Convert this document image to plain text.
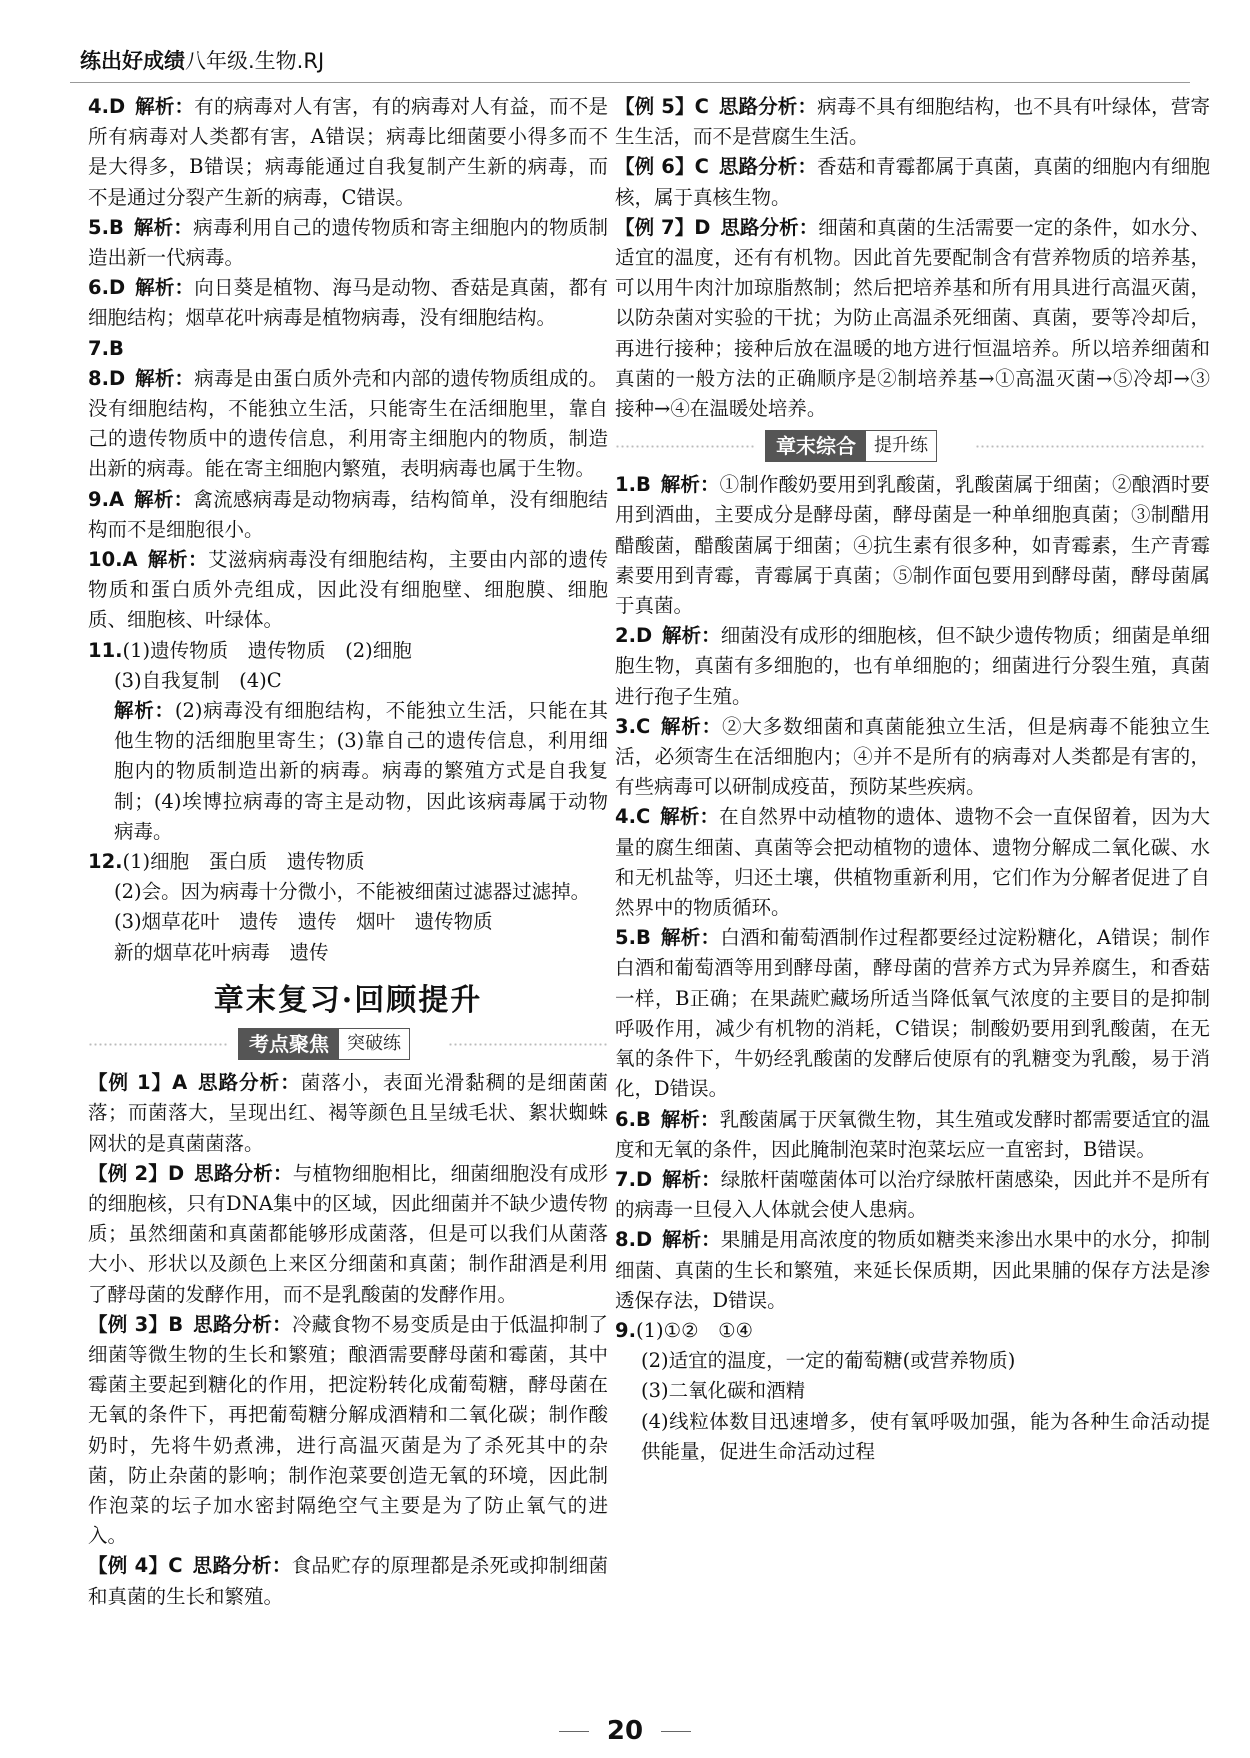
练出好成绩八年级.生物.RJ
4.D  解析：有的病毒对人有害，有的病毒对人有益，而不是所有病毒对人类都有害，A错误；病毒比细菌要小得多而不是大得多，B错误；病毒能通过自我复制产生新的病毒，而不是通过分裂产生新的病毒，C错误。
5.B  解析：病毒利用自己的遗传物质和寄主细胞内的物质制造出新一代病毒。
6.D  解析：向日葵是植物、海马是动物、香菇是真菌，都有细胞结构；烟草花叶病毒是植物病毒，没有细胞结构。
7.B 
8.D  解析：病毒是由蛋白质外壳和内部的遗传物质组成的。没有细胞结构，不能独立生活，只能寄生在活细胞里，靠自己的遗传物质中的遗传信息，利用寄主细胞内的物质，制造出新的病毒。能在寄主细胞内繁殖，表明病毒也属于生物。
9.A  解析：禽流感病毒是动物病毒，结构简单，没有细胞结构而不是细胞很小。
10.A  解析：艾滋病病毒没有细胞结构，主要由内部的遗传物质和蛋白质外壳组成，因此没有细胞壁、细胞膜、细胞质、细胞核、叶绿体。
11.(1)遗传物质　遗传物质　(2)细胞
(3)自我复制　(4)C
解析：(2)病毒没有细胞结构，不能独立生活，只能在其他生物的活细胞里寄生；(3)靠自己的遗传信息，利用细胞内的物质制造出新的病毒。病毒的繁殖方式是自我复制；(4)埃博拉病毒的寄主是动物，因此该病毒属于动物病毒。
12.(1)细胞　蛋白质　遗传物质
(2)会。因为病毒十分微小，不能被细菌过滤器过滤掉。
(3)烟草花叶　遗传　遗传　烟叶　遗传物质
新的烟草花叶病毒　遗传
章末复习·回顾提升
考点聚焦	突破练
【例 1】A  思路分析：菌落小，表面光滑黏稠的是细菌菌落；而菌落大，呈现出红、褐等颜色且呈绒毛状、絮状蜘蛛网状的是真菌菌落。
【例 2】D  思路分析：与植物细胞相比，细菌细胞没有成形的细胞核，只有DNA集中的区域，因此细菌并不缺少遗传物质；虽然细菌和真菌都能够形成菌落，但是可以我们从菌落大小、形状以及颜色上来区分细菌和真菌；制作甜酒是利用了酵母菌的发酵作用，而不是乳酸菌的发酵作用。
【例 3】B  思路分析：冷藏食物不易变质是由于低温抑制了细菌等微生物的生长和繁殖；酿酒需要酵母菌和霉菌，其中霉菌主要起到糖化的作用，把淀粉转化成葡萄糖，酵母菌在无氧的条件下，再把葡萄糖分解成酒精和二氧化碳；制作酸奶时，先将牛奶煮沸，进行高温灭菌是为了杀死其中的杂菌，防止杂菌的影响；制作泡菜要创造无氧的环境，因此制作泡菜的坛子加水密封隔绝空气主要是为了防止氧气的进入。
【例 4】C  思路分析：食品贮存的原理都是杀死或抑制细菌和真菌的生长和繁殖。
【例 5】C  思路分析：病毒不具有细胞结构，也不具有叶绿体，营寄生生活，而不是营腐生生活。
【例 6】C  思路分析：香菇和青霉都属于真菌，真菌的细胞内有细胞核，属于真核生物。
【例 7】D  思路分析：细菌和真菌的生活需要一定的条件，如水分、适宜的温度，还有有机物。因此首先要配制含有营养物质的培养基，可以用牛肉汁加琼脂熬制；然后把培养基和所有用具进行高温灭菌，以防杂菌对实验的干扰；为防止高温杀死细菌、真菌，要等冷却后，再进行接种；接种后放在温暖的地方进行恒温培养。所以培养细菌和真菌的一般方法的正确顺序是②制培养基→①高温灭菌→⑤冷却→③接种→④在温暖处培养。
章末综合	提升练
1.B  解析：①制作酸奶要用到乳酸菌，乳酸菌属于细菌；②酿酒时要用到酒曲，主要成分是酵母菌，酵母菌是一种单细胞真菌；③制醋用醋酸菌，醋酸菌属于细菌；④抗生素有很多种，如青霉素，生产青霉素要用到青霉，青霉属于真菌；⑤制作面包要用到酵母菌，酵母菌属于真菌。
2.D  解析：细菌没有成形的细胞核，但不缺少遗传物质；细菌是单细胞生物，真菌有多细胞的，也有单细胞的；细菌进行分裂生殖，真菌进行孢子生殖。
3.C  解析：②大多数细菌和真菌能独立生活，但是病毒不能独立生活，必须寄生在活细胞内；④并不是所有的病毒对人类都是有害的，有些病毒可以研制成疫苗，预防某些疾病。
4.C  解析：在自然界中动植物的遗体、遗物不会一直保留着，因为大量的腐生细菌、真菌等会把动植物的遗体、遗物分解成二氧化碳、水和无机盐等，归还土壤，供植物重新利用，它们作为分解者促进了自然界中的物质循环。
5.B  解析：白酒和葡萄酒制作过程都要经过淀粉糖化，A错误；制作白酒和葡萄酒等用到酵母菌，酵母菌的营养方式为异养腐生，和香菇一样，B正确；在果蔬贮藏场所适当降低氧气浓度的主要目的是抑制呼吸作用，减少有机物的消耗，C错误；制酸奶要用到乳酸菌，在无氧的条件下，牛奶经乳酸菌的发酵后使原有的乳糖变为乳酸，易于消化，D错误。
6.B  解析：乳酸菌属于厌氧微生物，其生殖或发酵时都需要适宜的温度和无氧的条件，因此腌制泡菜时泡菜坛应一直密封，B错误。
7.D  解析：绿脓杆菌噬菌体可以治疗绿脓杆菌感染，因此并不是所有的病毒一旦侵入人体就会使人患病。
8.D  解析：果脯是用高浓度的物质如糖类来渗出水果中的水分，抑制细菌、真菌的生长和繁殖，来延长保质期，因此果脯的保存方法是渗透保存法，D错误。
9.(1)①②　①④
(2)适宜的温度，一定的葡萄糖(或营养物质)
(3)二氧化碳和酒精
(4)线粒体数目迅速增多，使有氧呼吸加强，能为各种生命活动提供能量，促进生命活动过程
20
